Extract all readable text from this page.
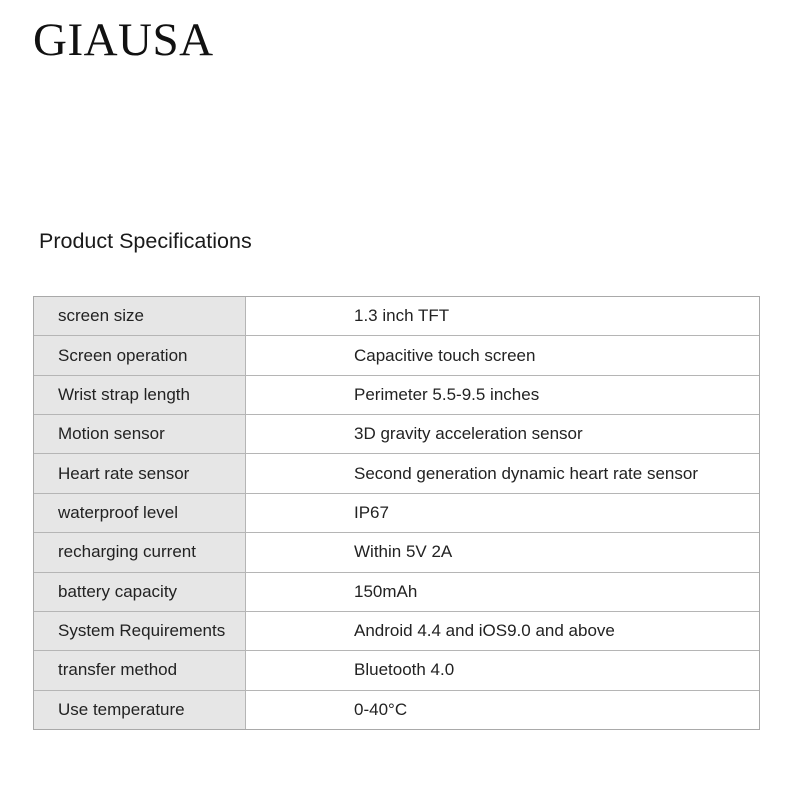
GIAUSA
Product Specifications
screen size	1.3 inch TFT
Screen operation	Capacitive touch screen
Wrist strap length	Perimeter 5.5-9.5 inches
Motion sensor	3D gravity acceleration sensor
Heart rate sensor	Second generation dynamic heart rate sensor
waterproof level	IP67
recharging current	Within 5V 2A
battery capacity	150mAh
System Requirements	Android 4.4 and iOS9.0 and above
transfer method	Bluetooth 4.0
Use temperature	0-40°C
